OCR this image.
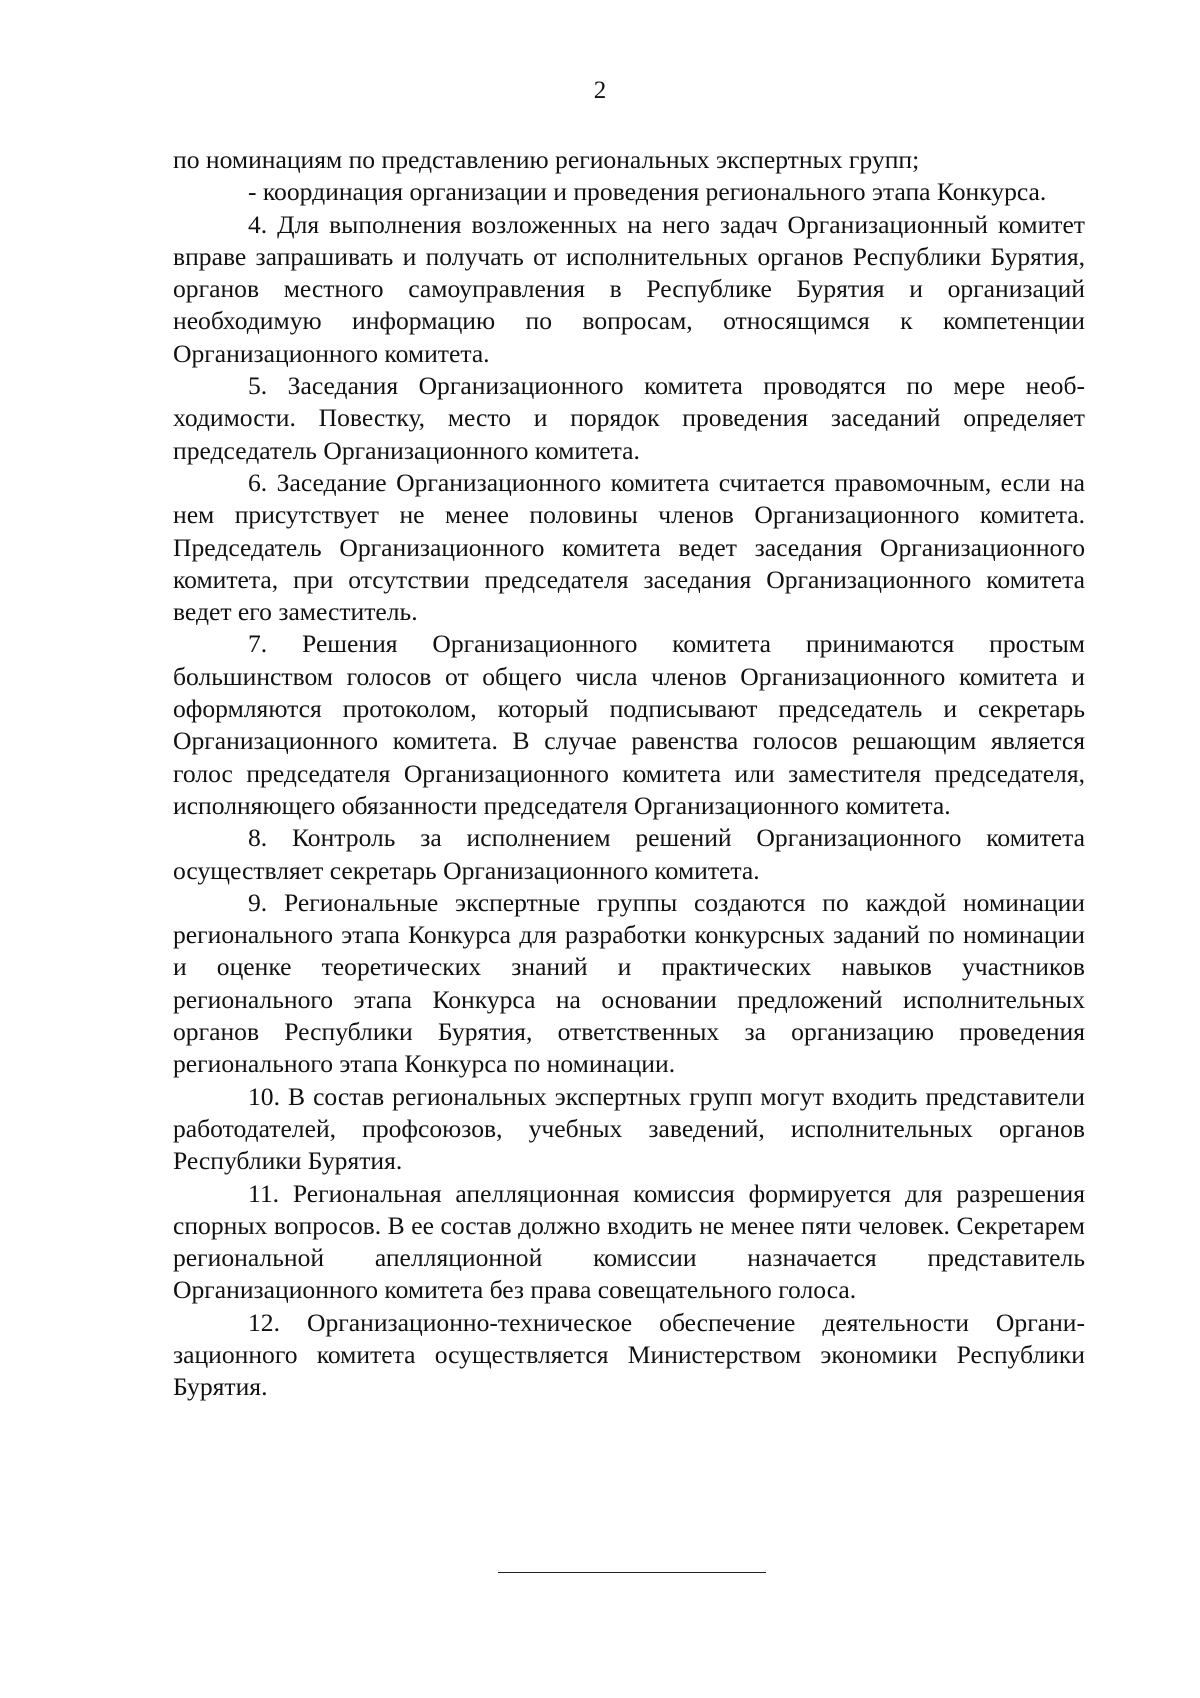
2

по номинациям по представлению региональных экспертных групп;

- координация организации и проведения регионального этапа Конкурса.

4. Для выполнения возложенных на него задач Организационный комитет вправе запрашивать и получать от исполнительных органов Республики Бурятия, органов местного самоуправления в Республике Бурятия и организаций необходимую информацию по вопросам, относящимся к компетенции Организационного комитета.

5. Заседания Организационного комитета проводятся по мере необходимости. Повестку, место и порядок проведения заседаний определяет председатель Организационного комитета.

6. Заседание Организационного комитета считается правомочным, если на нем присутствует не менее половины членов Организационного комитета. Председатель Организационного комитета ведет заседания Организационного комитета, при отсутствии председателя заседания Организационного комитета ведет его заместитель.

7. Решения Организационного комитета принимаются простым большинством голосов от общего числа членов Организационного комитета и оформляются протоколом, который подписывают председатель и секретарь Организационного комитета. В случае равенства голосов решающим является голос председателя Организационного комитета или заместителя председателя, исполняющего обязанности председателя Организационного комитета.

8. Контроль за исполнением решений Организационного комитета осуществляет секретарь Организационного комитета.

9. Региональные экспертные группы создаются по каждой номинации регионального этапа Конкурса для разработки конкурсных заданий по номинации и оценке теоретических знаний и практических навыков участников регионального этапа Конкурса на основании предложений исполнительных органов Республики Бурятия, ответственных за организацию проведения регионального этапа Конкурса по номинации.

10. В состав региональных экспертных групп могут входить представители работодателей, профсоюзов, учебных заведений, исполнительных органов Республики Бурятия.

11. Региональная апелляционная комиссия формируется для разрешения спорных вопросов. В ее состав должно входить не менее пяти человек. Секретарем региональной апелляционной комиссии назначается представитель Организационного комитета без права совещательного голоса.

12. Организационно-техническое обеспечение деятельности Организационного комитета осуществляется Министерством экономики Республики Бурятия.
